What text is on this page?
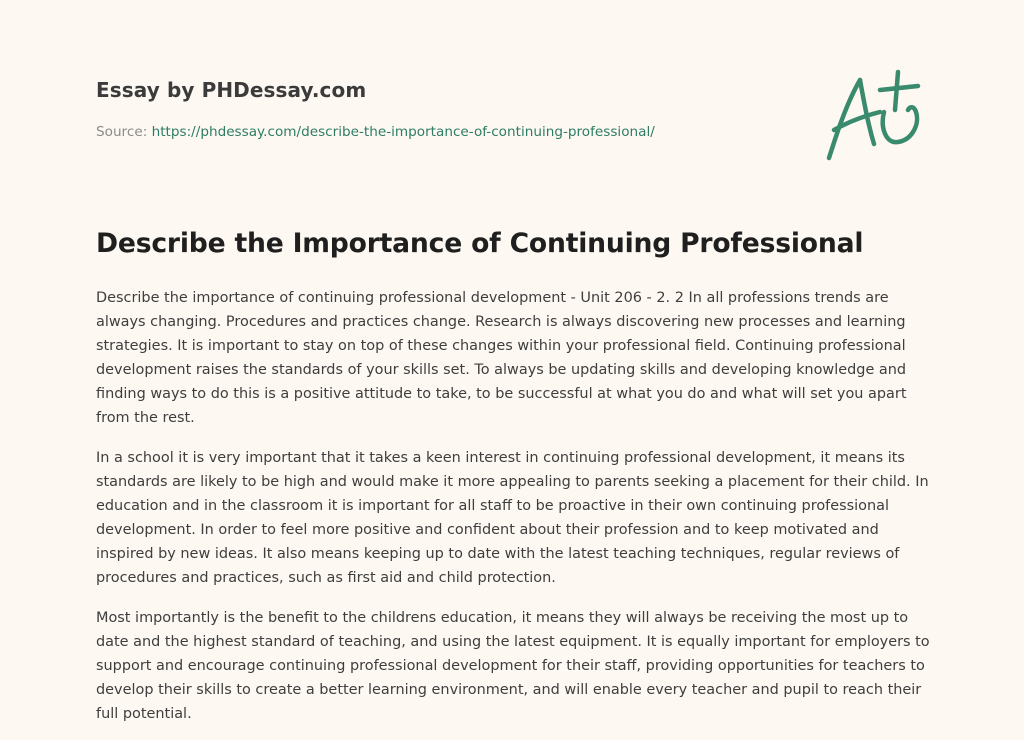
Essay by PHDessay.com
Source: https://phdessay.com/describe-the-importance-of-continuing-professional/
Describe the Importance of Continuing Professional

Describe the importance of continuing professional development - Unit 206 - 2. 2 In all professions trends are always changing. Procedures and practices change. Research is always discovering new processes and learning strategies. It is important to stay on top of these changes within your professional field. Continuing professional development raises the standards of your skills set. To always be updating skills and developing knowledge and finding ways to do this is a positive attitude to take, to be successful at what you do and what will set you apart from the rest.

In a school it is very important that it takes a keen interest in continuing professional development, it means its standards are likely to be high and would make it more appealing to parents seeking a placement for their child. In education and in the classroom it is important for all staff to be proactive in their own continuing professional development. In order to feel more positive and confident about their profession and to keep motivated and inspired by new ideas. It also means keeping up to date with the latest teaching techniques, regular reviews of procedures and practices, such as first aid and child protection.

Most importantly is the benefit to the childrens education, it means they will always be receiving the most up to date and the highest standard of teaching, and using the latest equipment. It is equally important for employers to support and encourage continuing professional development for their staff, providing opportunities for teachers to develop their skills to create a better learning environment, and will enable every teacher and pupil to reach their full potential.
